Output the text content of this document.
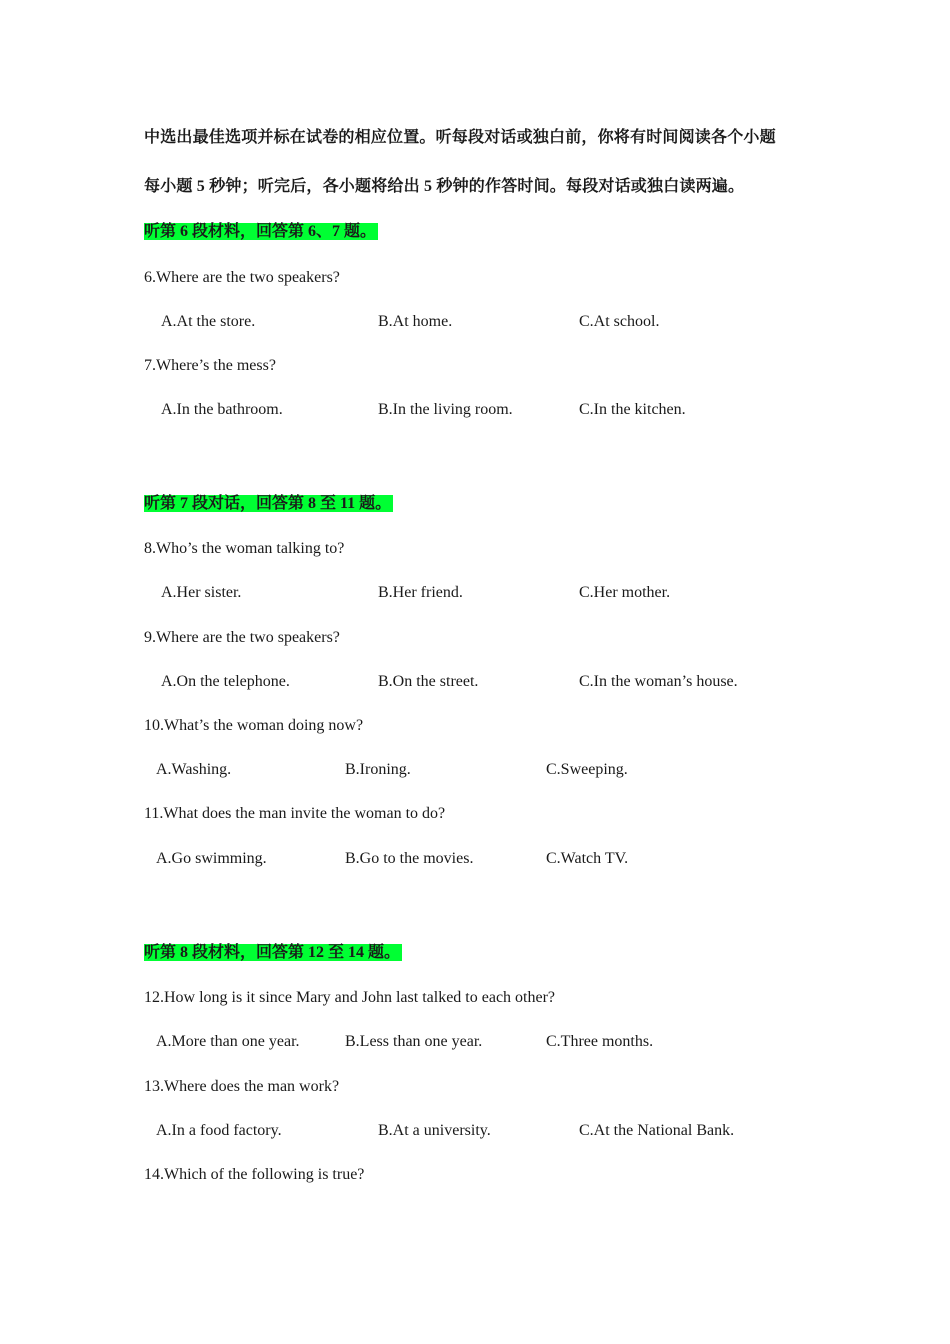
中选出最佳选项并标在试卷的相应位置。听每段对话或独白前，你将有时间阅读各个小题
每小题 5 秒钟；听完后，各小题将给出 5 秒钟的作答时间。每段对话或独白读两遍。
听第 6 段材料，回答第 6、7 题。
6.Where are the two speakers?
A.At the store.	B.At home.	C.At school.
7.Where’s the mess?
A.In the bathroom.	B.In the living room.	C.In the kitchen.
听第 7 段对话，回答第 8 至 11 题。
8.Who’s the woman talking to?
A.Her sister.	B.Her friend.	C.Her mother.
9.Where are the two speakers?
A.On the telephone.	B.On the street.	C.In the woman’s house.
10.What’s the woman doing now?
A.Washing.	B.Ironing.	C.Sweeping.
11.What does the man invite the woman to do?
A.Go swimming.	B.Go to the movies.	C.Watch TV.
听第 8 段材料，回答第 12 至 14 题。
12.How long is it since Mary and John last talked to each other?
A.More than one year.	B.Less than one year.	C.Three months.
13.Where does the man work?
A.In a food factory.	B.At a university.	C.At the National Bank.
14.Which of the following is true?
